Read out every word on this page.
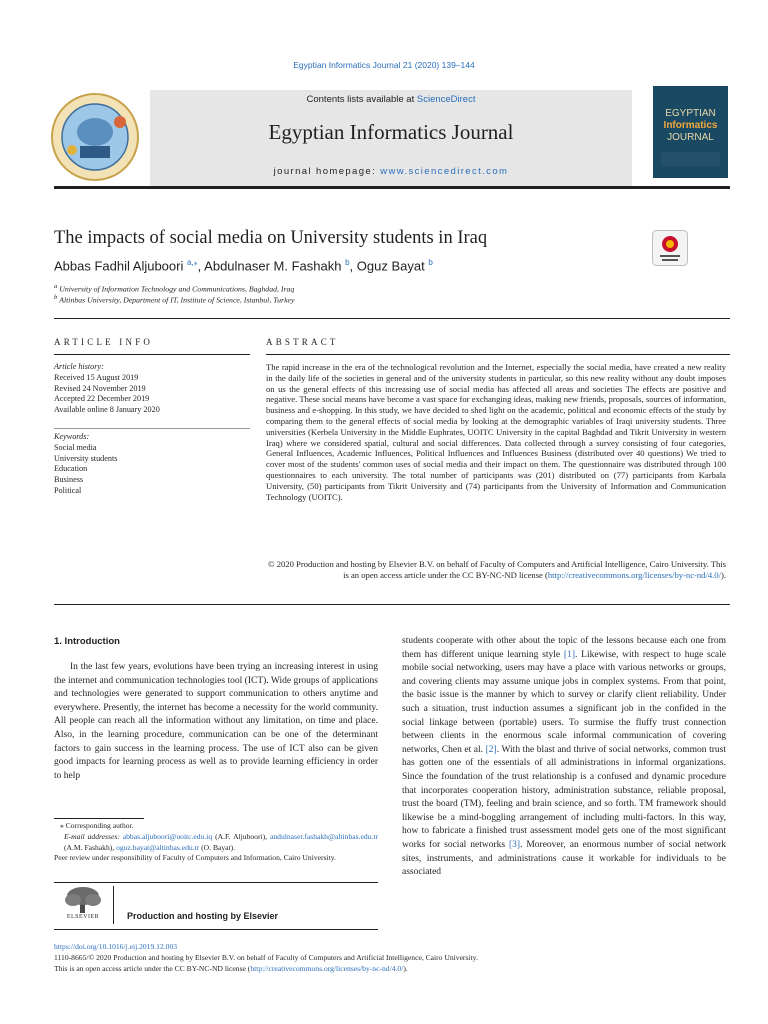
Egyptian Informatics Journal 21 (2020) 139–144
Contents lists available at ScienceDirect
Egyptian Informatics Journal
journal homepage: www.sciencedirect.com
EGYPTIAN
Informatics
JOURNAL
The impacts of social media on University students in Iraq
Abbas Fadhil Aljuboori $^{a,⁎}$, Abdulnaser M. Fashakh $^b$, Oguz Bayat $^b$
$^a$ University of Information Technology and Communications, Baghdad, Iraq
$^b$ Altinbas University, Department of IT, Institute of Science, Istanbul, Turkey
ARTICLE INFO	ABSTRACT
Article history:
Received 15 August 2019
Revised 24 November 2019
Accepted 22 December 2019
Available online 8 January 2020
Keywords:
Social media
University students
Education
Business
Political
The rapid increase in the era of the technological revolution and the Internet, especially the social media, have created a new reality in the daily life of the societies in general and of the university students in particular, so this new reality without any doubt imposes on us the general effects of this increasing use of social media has affected all areas and societies The effects are positive and negative. These social means have become a vast space for exchanging ideas, making new friends, proposals, sources of information, business and e-shopping. In this study, we have decided to shed light on the academic, political and economic effects of the study by comparing them to the general effects of social media by looking at the demographic variables of Iraqi university students. Three universities (Kerbela University in the Middle Euphrates, UOITC University in the capital Baghdad and Tikrit University in western Iraq) where we considered spatial, cultural and social differences. Data collected through a survey consisting of four categories, General Influences, Academic Influences, Political Influences and Influences Business (distributed over 40 questions) We tried to cover most of the students' common uses of social media and their impact on them. The questionnaire was distributed through 100 questionnaires to each university. The total number of participants was (201) distributed on (77) participants from Karbala University, (50) participants from Tikrit University and (74) participants from the University of Information and Communication Technology (UOITC).
© 2020 Production and hosting by Elsevier B.V. on behalf of Faculty of Computers and Artificial Intelligence, Cairo University. This is an open access article under the CC BY-NC-ND license (http://creativecommons.org/licenses/by-nc-nd/4.0/).
1. Introduction
In the last few years, evolutions have been trying an increasing interest in using the internet and communication technologies tool (ICT). Wide groups of applications and technologies were generated to support communication to others anytime and everywhere. Presently, the internet has become a necessity for the world community. All people can reach all the information without any limitation, on time and place. Also, in the learning procedure, communication can be one of the determinant factors to gain success in the learning process. The use of ICT also can be given good impacts for learning process as well as to provide learning efficiency in order to help
students cooperate with other about the topic of the lessons because each one from them has different unique learning style [1]. Likewise, with respect to huge scale mobile social networking, users may have a place with various networks or groups, and covering clients may assume unique jobs in complex systems. From that point, the basic issue is the manner by which to survey or clarify client reliability. Under such a situation, trust induction assumes a significant job in the confided in the social linkage between (portable) users. To surmise the fluffy trust connection between clients in the enormous scale informal communication of covering networks, Chen et al. [2]. With the blast and thrive of social networks, common trust has gotten one of the essentials of all administrations in informal organizations. Since the foundation of the trust relationship is a confused and dynamic procedure that incorporates cooperation history, administration substance, reliable proposal, trust the board (TM), feeling and brain science, and so forth. TM framework should likewise be a mind-boggling arrangement of including multi-factors. In this way, how to fabricate a finished trust assessment model gets one of the most significant works for social networks [3]. Moreover, an enormous number of social network sites, instruments, and administrations cause it workable for individuals to be associated
⁎ Corresponding author.
E-mail addresses: abbas.aljuboori@uoitc.edu.iq (A.F. Aljuboori), andulnaser.fashakh@altinbas.edu.tr (A.M. Fashakh), oguz.bayat@altinbas.edu.tr (O. Bayat).
Peer review under responsibility of Faculty of Computers and Information, Cairo University.
ELSEVIER	Production and hosting by Elsevier
https://doi.org/10.1016/j.eij.2019.12.003
1110-8665/© 2020 Production and hosting by Elsevier B.V. on behalf of Faculty of Computers and Artificial Intelligence, Cairo University.
This is an open access article under the CC BY-NC-ND license (http://creativecommons.org/licenses/by-nc-nd/4.0/).
